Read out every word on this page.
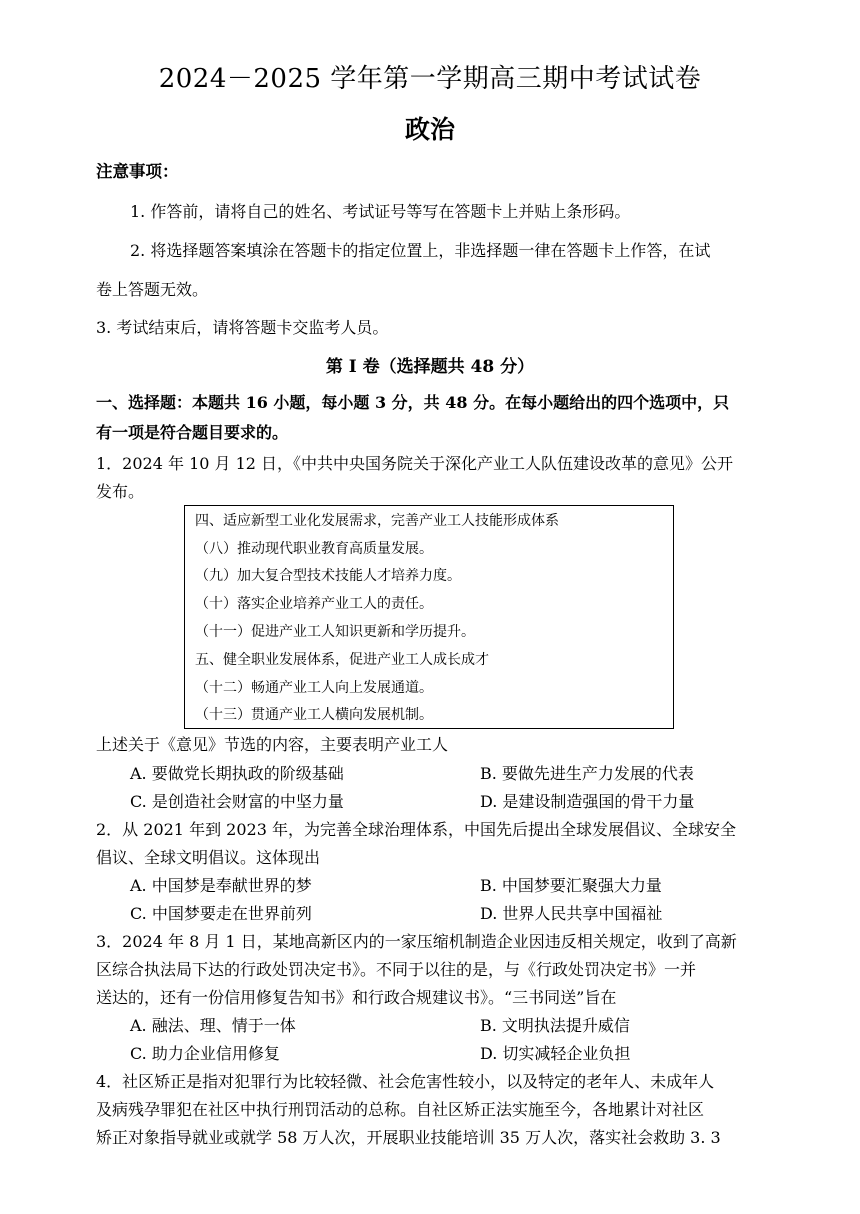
2024－2025 学年第一学期高三期中考试试卷
政治
注意事项：
1. 作答前，请将自己的姓名、考试证号等写在答题卡上并贴上条形码。
2. 将选择题答案填涂在答题卡的指定位置上，非选择题一律在答题卡上作答，在试
卷上答题无效。
3. 考试结束后，请将答题卡交监考人员。
第 I 卷（选择题共 48 分）
一、选择题：本题共 16 小题，每小题 3 分，共 48 分。在每小题给出的四个选项中，只
有一项是符合题目要求的。
1．2024 年 10 月 12 日，《中共中央国务院关于深化产业工人队伍建设改革的意见》公开
发布。
四、适应新型工业化发展需求，完善产业工人技能形成体系
（八）推动现代职业教育高质量发展。
（九）加大复合型技术技能人才培养力度。
（十）落实企业培养产业工人的责任。
（十一）促进产业工人知识更新和学历提升。
五、健全职业发展体系，促进产业工人成长成才
（十二）畅通产业工人向上发展通道。
（十三）贯通产业工人横向发展机制。
上述关于《意见》节选的内容，主要表明产业工人
A. 要做党长期执政的阶级基础	B. 要做先进生产力发展的代表
C. 是创造社会财富的中坚力量	D. 是建设制造强国的骨干力量
2．从 2021 年到 2023 年，为完善全球治理体系，中国先后提出全球发展倡议、全球安全
倡议、全球文明倡议。这体现出
A. 中国梦是奉献世界的梦	B. 中国梦要汇聚强大力量
C. 中国梦要走在世界前列	D. 世界人民共享中国福祉
3．2024 年 8 月 1 日，某地高新区内的一家压缩机制造企业因违反相关规定，收到了高新
区综合执法局下达的行政处罚决定书》。不同于以往的是，与《行政处罚决定书》一并
送达的，还有一份信用修复告知书》和行政合规建议书》。“三书同送”旨在
A. 融法、理、情于一体	B. 文明执法提升威信
C. 助力企业信用修复	D. 切实减轻企业负担
4．社区矫正是指对犯罪行为比较轻微、社会危害性较小，以及特定的老年人、未成年人
及病残孕罪犯在社区中执行刑罚活动的总称。自社区矫正法实施至今，各地累计对社区
矫正对象指导就业或就学 58 万人次，开展职业技能培训 35 万人次，落实社会救助 3. 3
